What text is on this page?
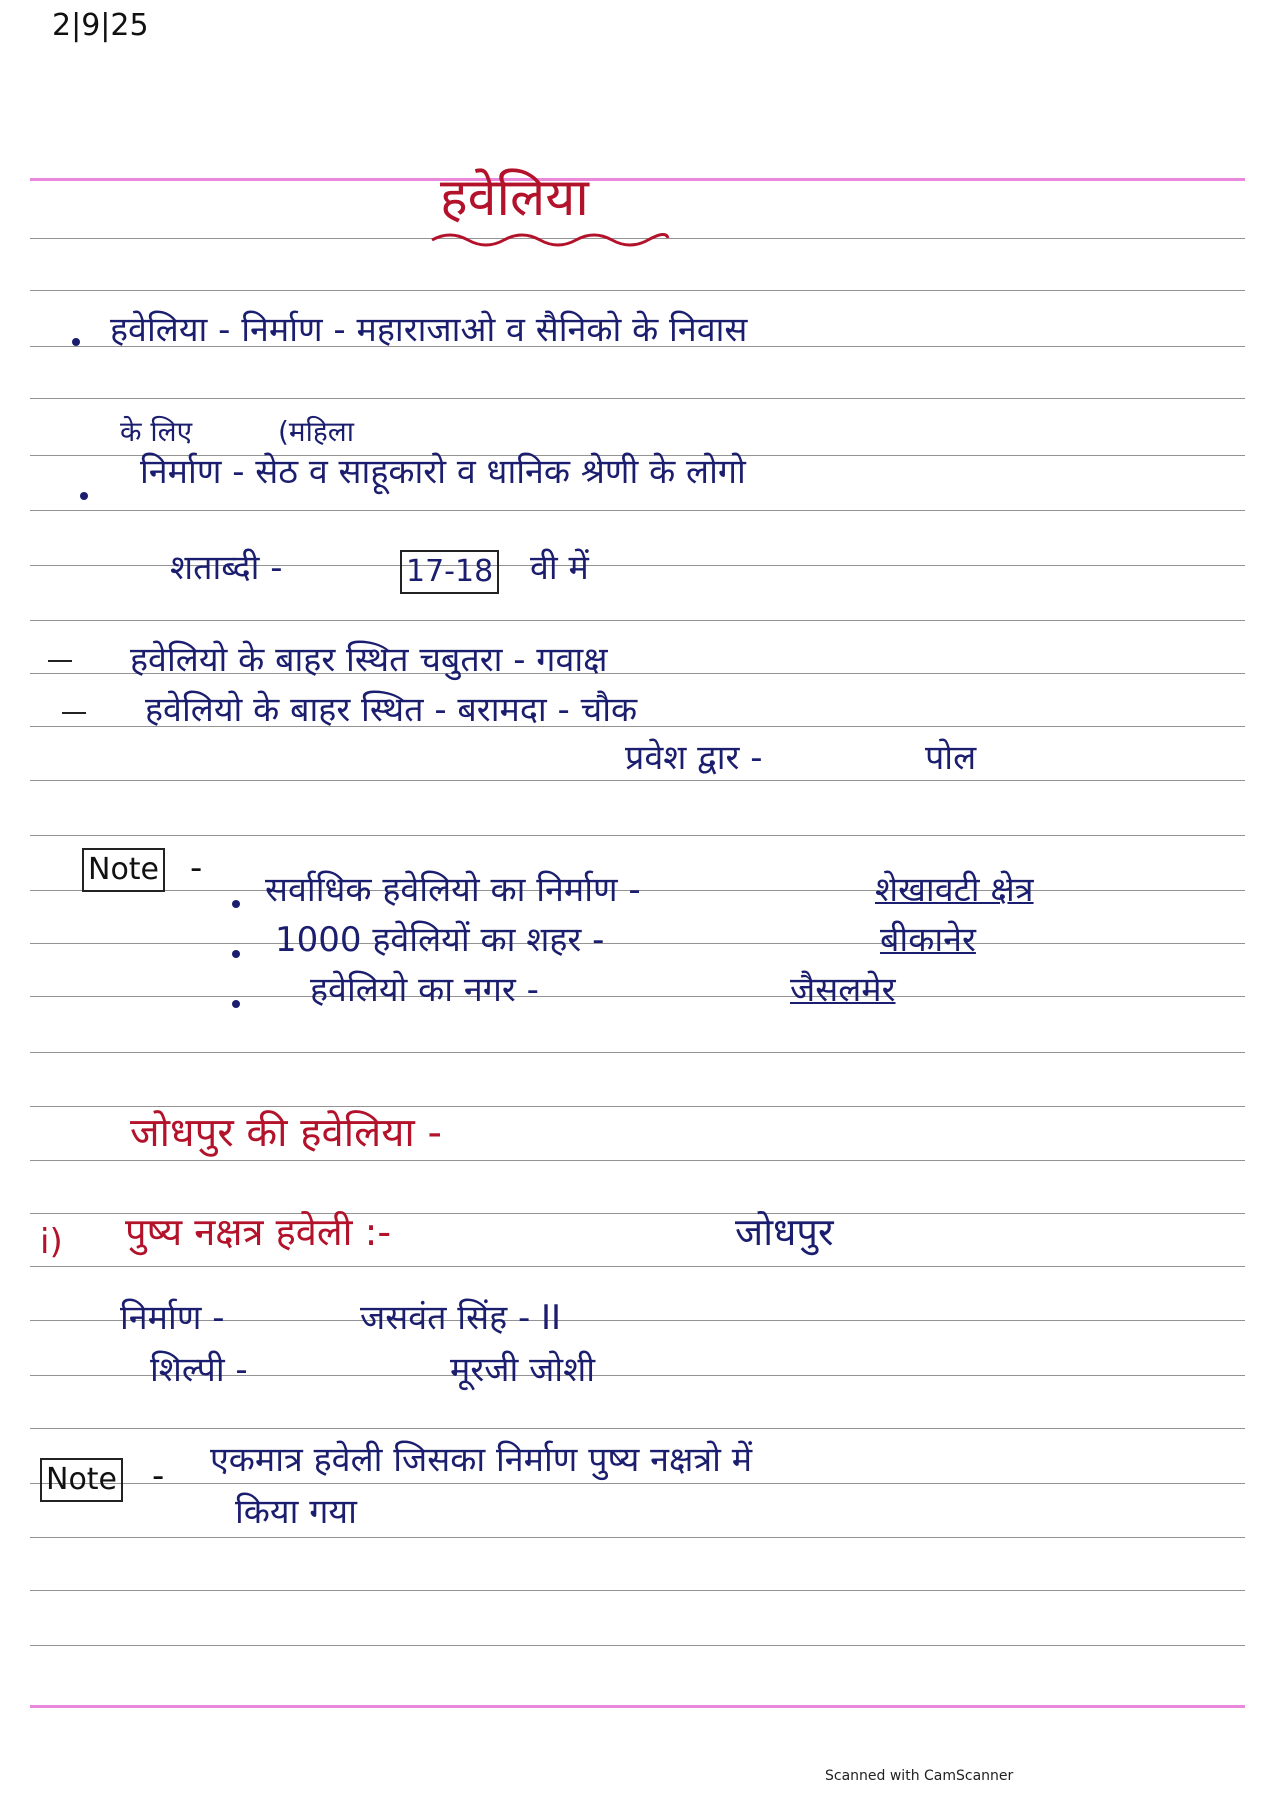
2|9|25
हवेलिया
हवेलिया - निर्माण - महाराजाओ व सैनिको के निवास
के लिए	(महिला
निर्माण - सेठ व साहूकारो व धानिक श्रेणी के लोगो
शताब्दी -	17-18 वी में
हवेलियो के बाहर स्थित चबुतरा - गवाक्ष
हवेलियो के बाहर स्थित - बरामदा - चौक
प्रवेश द्वार -	पोल
Note -
सर्वाधिक हवेलियो का निर्माण -	शेखावटी क्षेत्र
1000 हवेलियों का शहर -	बीकानेर
हवेलियो का नगर -	जैसलमेर
जोधपुर की हवेलिया -
i) पुष्य नक्षत्र हवेली :-	जोधपुर
निर्माण -	जसवंत सिंह - II
शिल्पी -	मूरजी जोशी
Note - एकमात्र हवेली जिसका निर्माण पुष्य नक्षत्रो में
किया गया
Scanned with CamScanner
